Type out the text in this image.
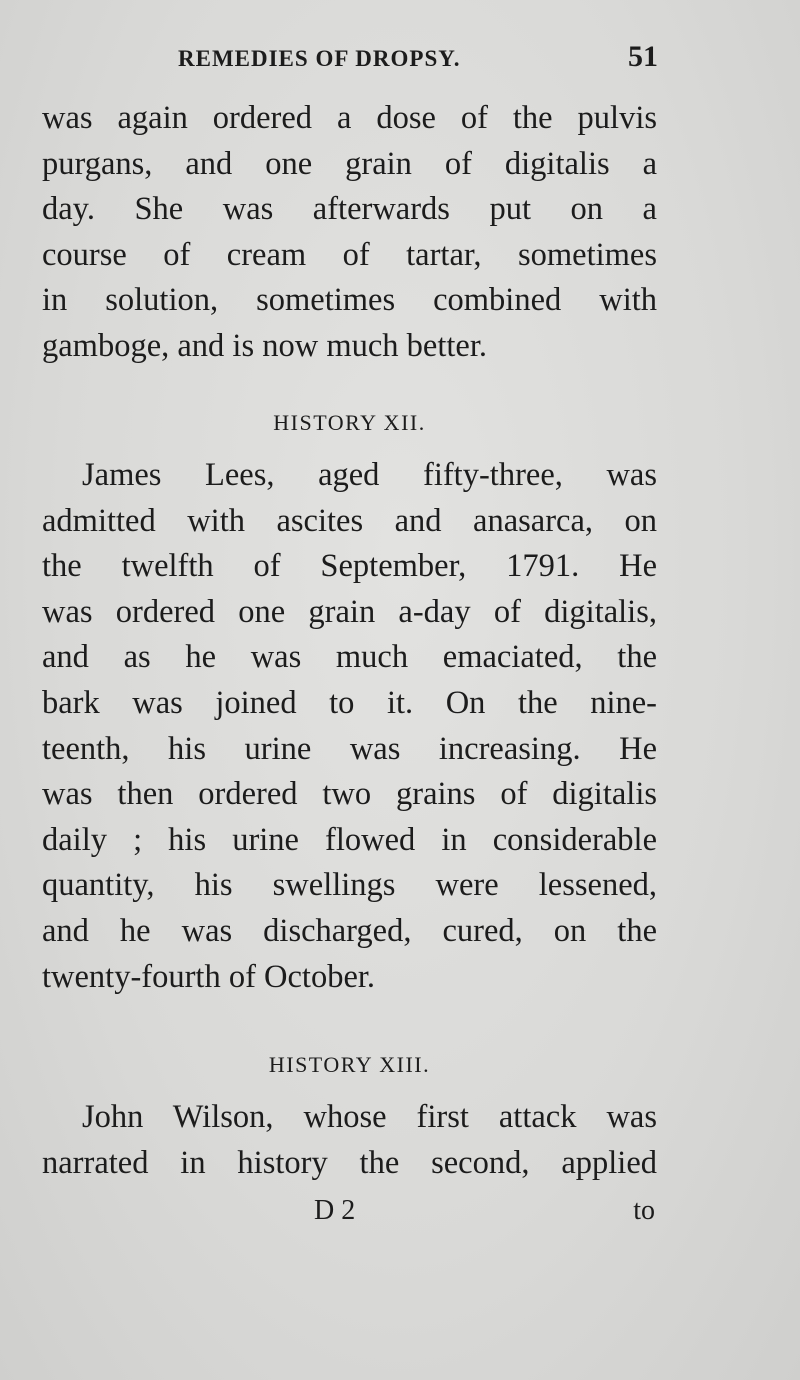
REMEDIES OF DROPSY.	51
was again ordered a dose of the pulvis
purgans, and one grain of digitalis a
day. She was afterwards put on a
course of cream of tartar, sometimes
in solution, sometimes combined with
gamboge, and is now much better.
HISTORY XII.
James Lees, aged fifty-three, was
admitted with ascites and anasarca, on
the twelfth of September, 1791. He
was ordered one grain a-day of digitalis,
and as he was much emaciated, the
bark was joined to it. On the nine-
teenth, his urine was increasing. He
was then ordered two grains of digitalis
daily ; his urine flowed in considerable
quantity, his swellings were lessened,
and he was discharged, cured, on the
twenty-fourth of October.
HISTORY XIII.
John Wilson, whose first attack was
narrated in history the second, applied
D 2	to
